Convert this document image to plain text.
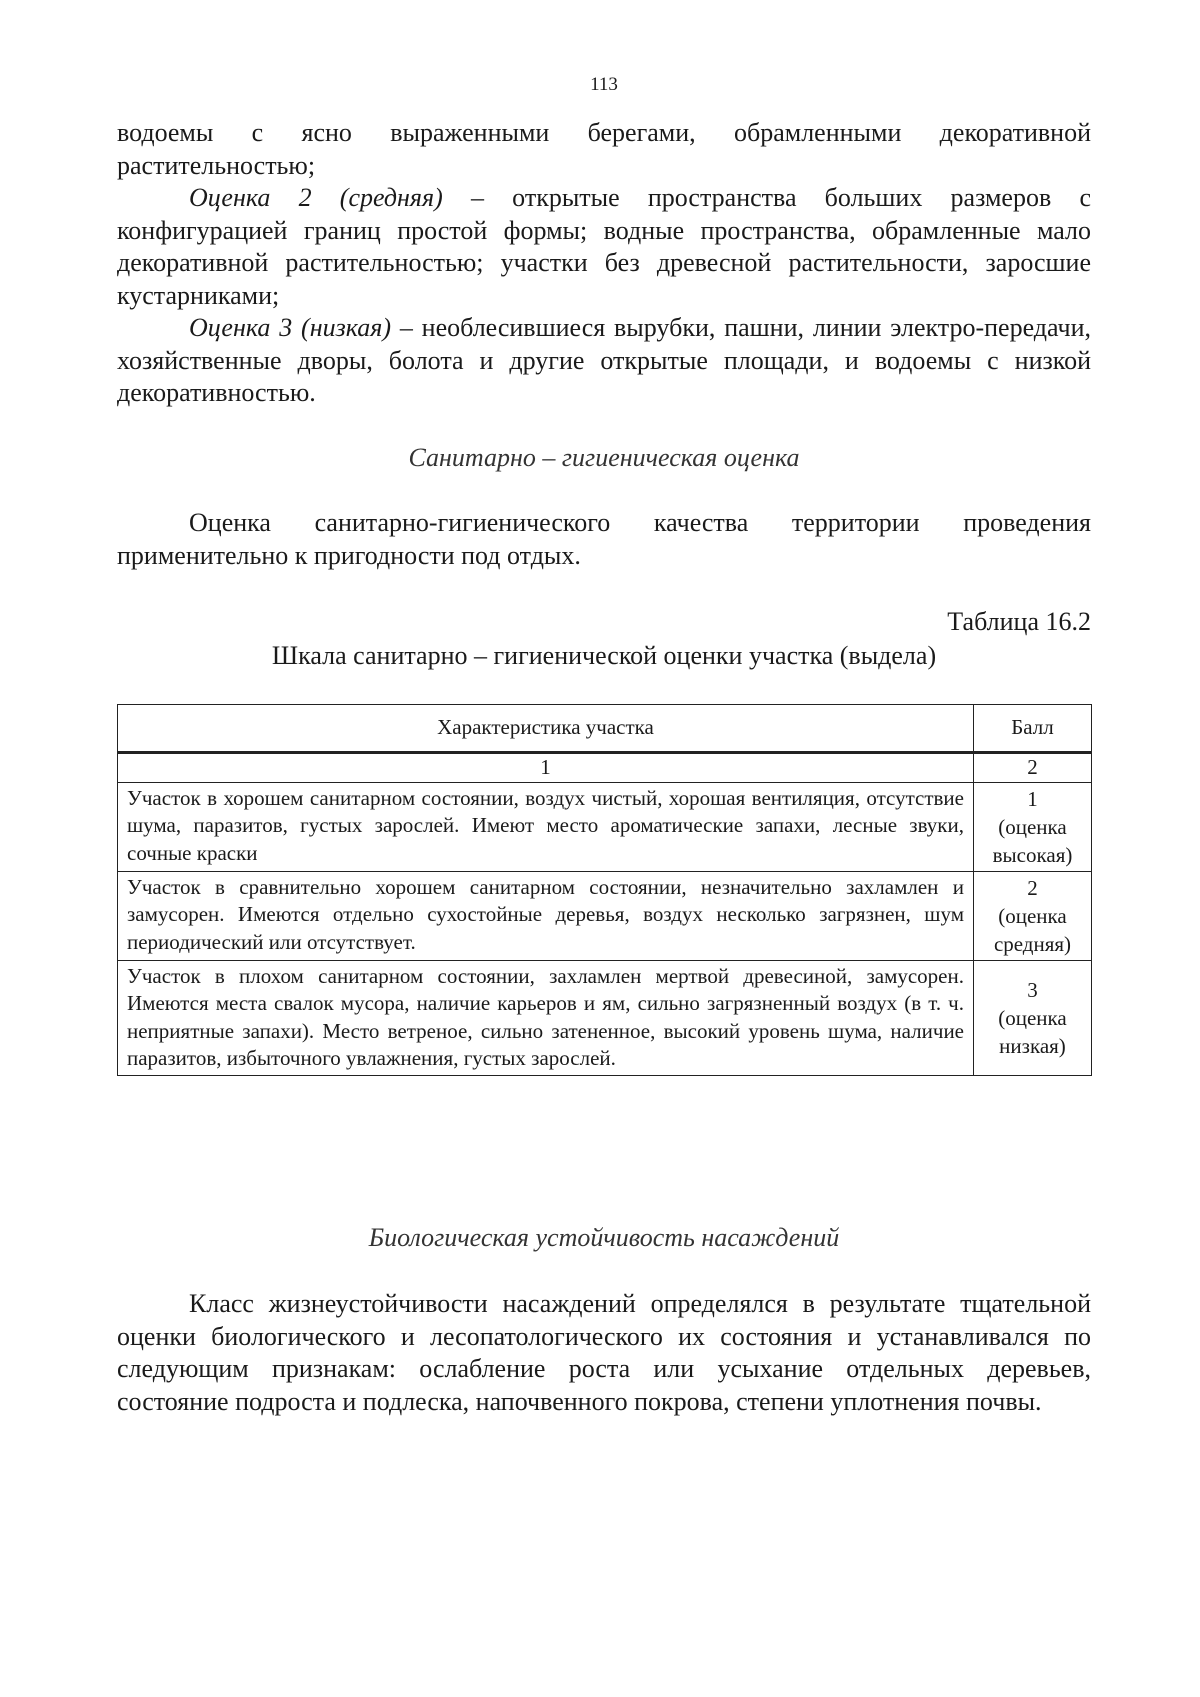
113

водоемы с ясно выраженными берегами, обрамленными декоративной растительностью;

Оценка 2 (средняя) – открытые пространства больших размеров с конфигурацией границ простой формы; водные пространства, обрамленные мало декоративной растительностью; участки без древесной растительности, заросшие кустарниками;

Оценка 3 (низкая) – необлесившиеся вырубки, пашни, линии электро-передачи, хозяйственные дворы, болота и другие открытые площади, и водоемы с низкой декоративностью.

Санитарно – гигиеническая оценка

Оценка санитарно-гигиенического качества территории проведения применительно к пригодности под отдых.

Таблица 16.2

Шкала санитарно – гигиенической оценки участка (выдела)

Характеристика участка	Балл
1	2
Участок в хорошем санитарном состоянии, воздух чистый, хорошая вентиляция, отсутствие шума, паразитов, густых зарослей. Имеют место ароматические запахи, лесные звуки, сочные краски	1
(оценка высокая)

Участок в сравнительно хорошем санитарном состоянии, незначительно захламлен и замусорен. Имеются отдельно сухостойные деревья, воздух несколько загрязнен, шум периодический или отсутствует.	2
(оценка средняя)

Участок в плохом санитарном состоянии, захламлен мертвой древесиной, замусорен. Имеются места свалок мусора, наличие карьеров и ям, сильно загрязненный воздух (в т. ч. неприятные запахи). Место ветреное, сильно затененное, высокий уровень шума, наличие паразитов, избыточного увлажнения, густых зарослей.	3
(оценка низкая)

Биологическая устойчивость насаждений

Класс жизнеустойчивости насаждений определялся в результате тщательной оценки биологического и лесопатологического их состояния и устанавливался по следующим признакам: ослабление роста или усыхание отдельных деревьев, состояние подроста и подлеска, напочвенного покрова, степени уплотнения почвы.
